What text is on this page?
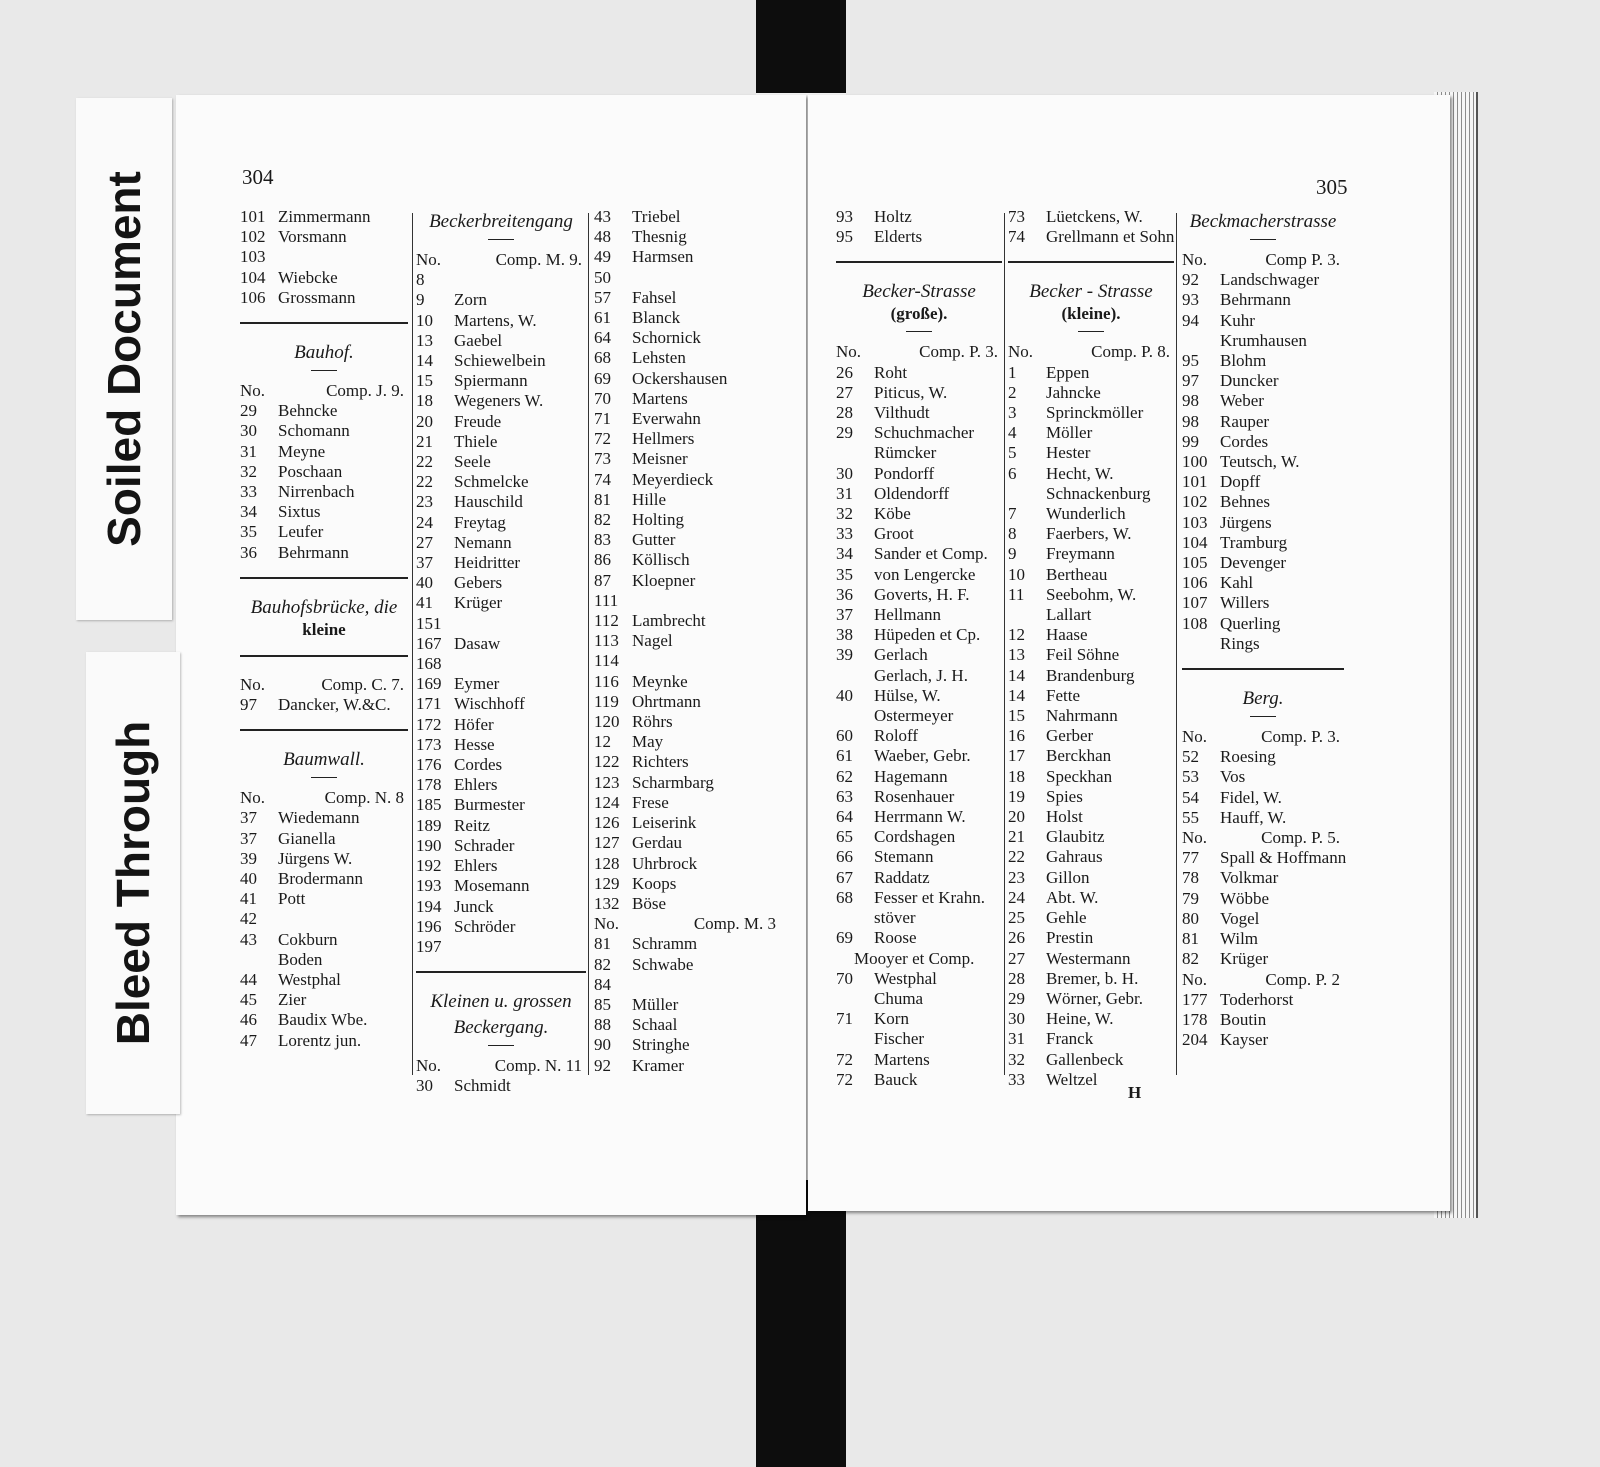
304
101 Zimmermann
102 Vorsmann
103
104 Wiebcke
106 Grossmann
Bauhof.
No.	Comp. J. 9.
29 Behncke
30 Schomann
31 Meyne
32 Poschaan
33 Nirrenbach
34 Sixtus
35 Leufer
36 Behrmann
Bauhofsbrücke, die
kleine
No.	Comp. C. 7.
97 Dancker, W.&C.
Baumwall.
No.	Comp. N. 8
37 Wiedemann
37 Gianella
39 Jürgens W.
40 Brodermann
41 Pott
42
43 Cokburn
Boden
44 Westphal
45 Zier
46 Baudix Wbe.
47 Lorentz jun.
Beckerbreitengang
No.	Comp. M. 9.
8
9 Zorn
10 Martens, W.
13 Gaebel
14 Schiewelbein
15 Spiermann
18 Wegeners W.
20 Freude
21 Thiele
22 Seele
22 Schmelcke
23 Hauschild
24 Freytag
27 Nemann
37 Heidritter
40 Gebers
41 Krüger
151
167 Dasaw
168
169 Eymer
171 Wischhoff
172 Höfer
173 Hesse
176 Cordes
178 Ehlers
185 Burmester
189 Reitz
190 Schrader
192 Ehlers
193 Mosemann
194 Junck
196 Schröder
197
Kleinen u. grossen
Beckergang.
No.	Comp. N. 11
30 Schmidt
43 Triebel
48 Thesnig
49 Harmsen
50
57 Fahsel
61 Blanck
64 Schornick
68 Lehsten
69 Ockershausen
70 Martens
71 Everwahn
72 Hellmers
73 Meisner
74 Meyerdieck
81 Hille
82 Holting
83 Gutter
86 Köllisch
87 Kloepner
111
112 Lambrecht
113 Nagel
114
116 Meynke
119 Ohrtmann
120 Röhrs
12 May
122 Richters
123 Scharmbarg
124 Frese
126 Leiserink
127 Gerdau
128 Uhrbrock
129 Koops
132 Böse
No.	Comp. M. 3
81 Schramm
82 Schwabe
84
85 Müller
88 Schaal
90 Stringhe
92 Kramer
305
93 Holtz
95 Elderts
Becker-Strasse
(große).
No.	Comp. P. 3.
26 Roht
27 Piticus, W.
28 Vilthudt
29 Schuchmacher
Rümcker
30 Pondorff
31 Oldendorff
32 Köbe
33 Groot
34 Sander et Comp.
35 von Lengercke
36 Goverts, H. F.
37 Hellmann
38 Hüpeden et Cp.
39 Gerlach
Gerlach, J. H.
40 Hülse, W.
Ostermeyer
60 Roloff
61 Waeber, Gebr.
62 Hagemann
63 Rosenhauer
64 Herrmann W.
65 Cordshagen
66 Stemann
67 Raddatz
68 Fesser et Krahn.
stöver
69 Roose
Mooyer et Comp.
70 Westphal
Chuma
71 Korn
Fischer
72 Martens
72 Bauck
73 Lüetckens, W.
74 Grellmann et Sohn
Becker - Strasse
(kleine).
No.	Comp. P. 8.
1 Eppen
2 Jahncke
3 Sprinckmöller
4 Möller
5 Hester
6 Hecht, W.
Schnackenburg
7 Wunderlich
8 Faerbers, W.
9 Freymann
10 Bertheau
11 Seebohm, W.
Lallart
12 Haase
13 Feil Söhne
14 Brandenburg
14 Fette
15 Nahrmann
16 Gerber
17 Berckhan
18 Speckhan
19 Spies
20 Holst
21 Glaubitz
22 Gahraus
23 Gillon
24 Abt. W.
25 Gehle
26 Prestin
27 Westermann
28 Bremer, b. H.
29 Wörner, Gebr.
30 Heine, W.
31 Franck
32 Gallenbeck
33 Weltzel
Beckmacherstrasse
No.	Comp P. 3.
92 Landschwager
93 Behrmann
94 Kuhr
Krumhausen
95 Blohm
97 Duncker
98 Weber
98 Rauper
99 Cordes
100 Teutsch, W.
101 Dopff
102 Behnes
103 Jürgens
104 Tramburg
105 Devenger
106 Kahl
107 Willers
108 Querling
Rings
Berg.
No.	Comp. P. 3.
52 Roesing
53 Vos
54 Fidel, W.
55 Hauff, W.
No.	Comp. P. 5.
77 Spall & Hoffmann
78 Volkmar
79 Wöbbe
80 Vogel
81 Wilm
82 Krüger
No.	Comp. P. 2
177 Toderhorst
178 Boutin
204 Kayser
H
Soiled Document
Bleed Through
